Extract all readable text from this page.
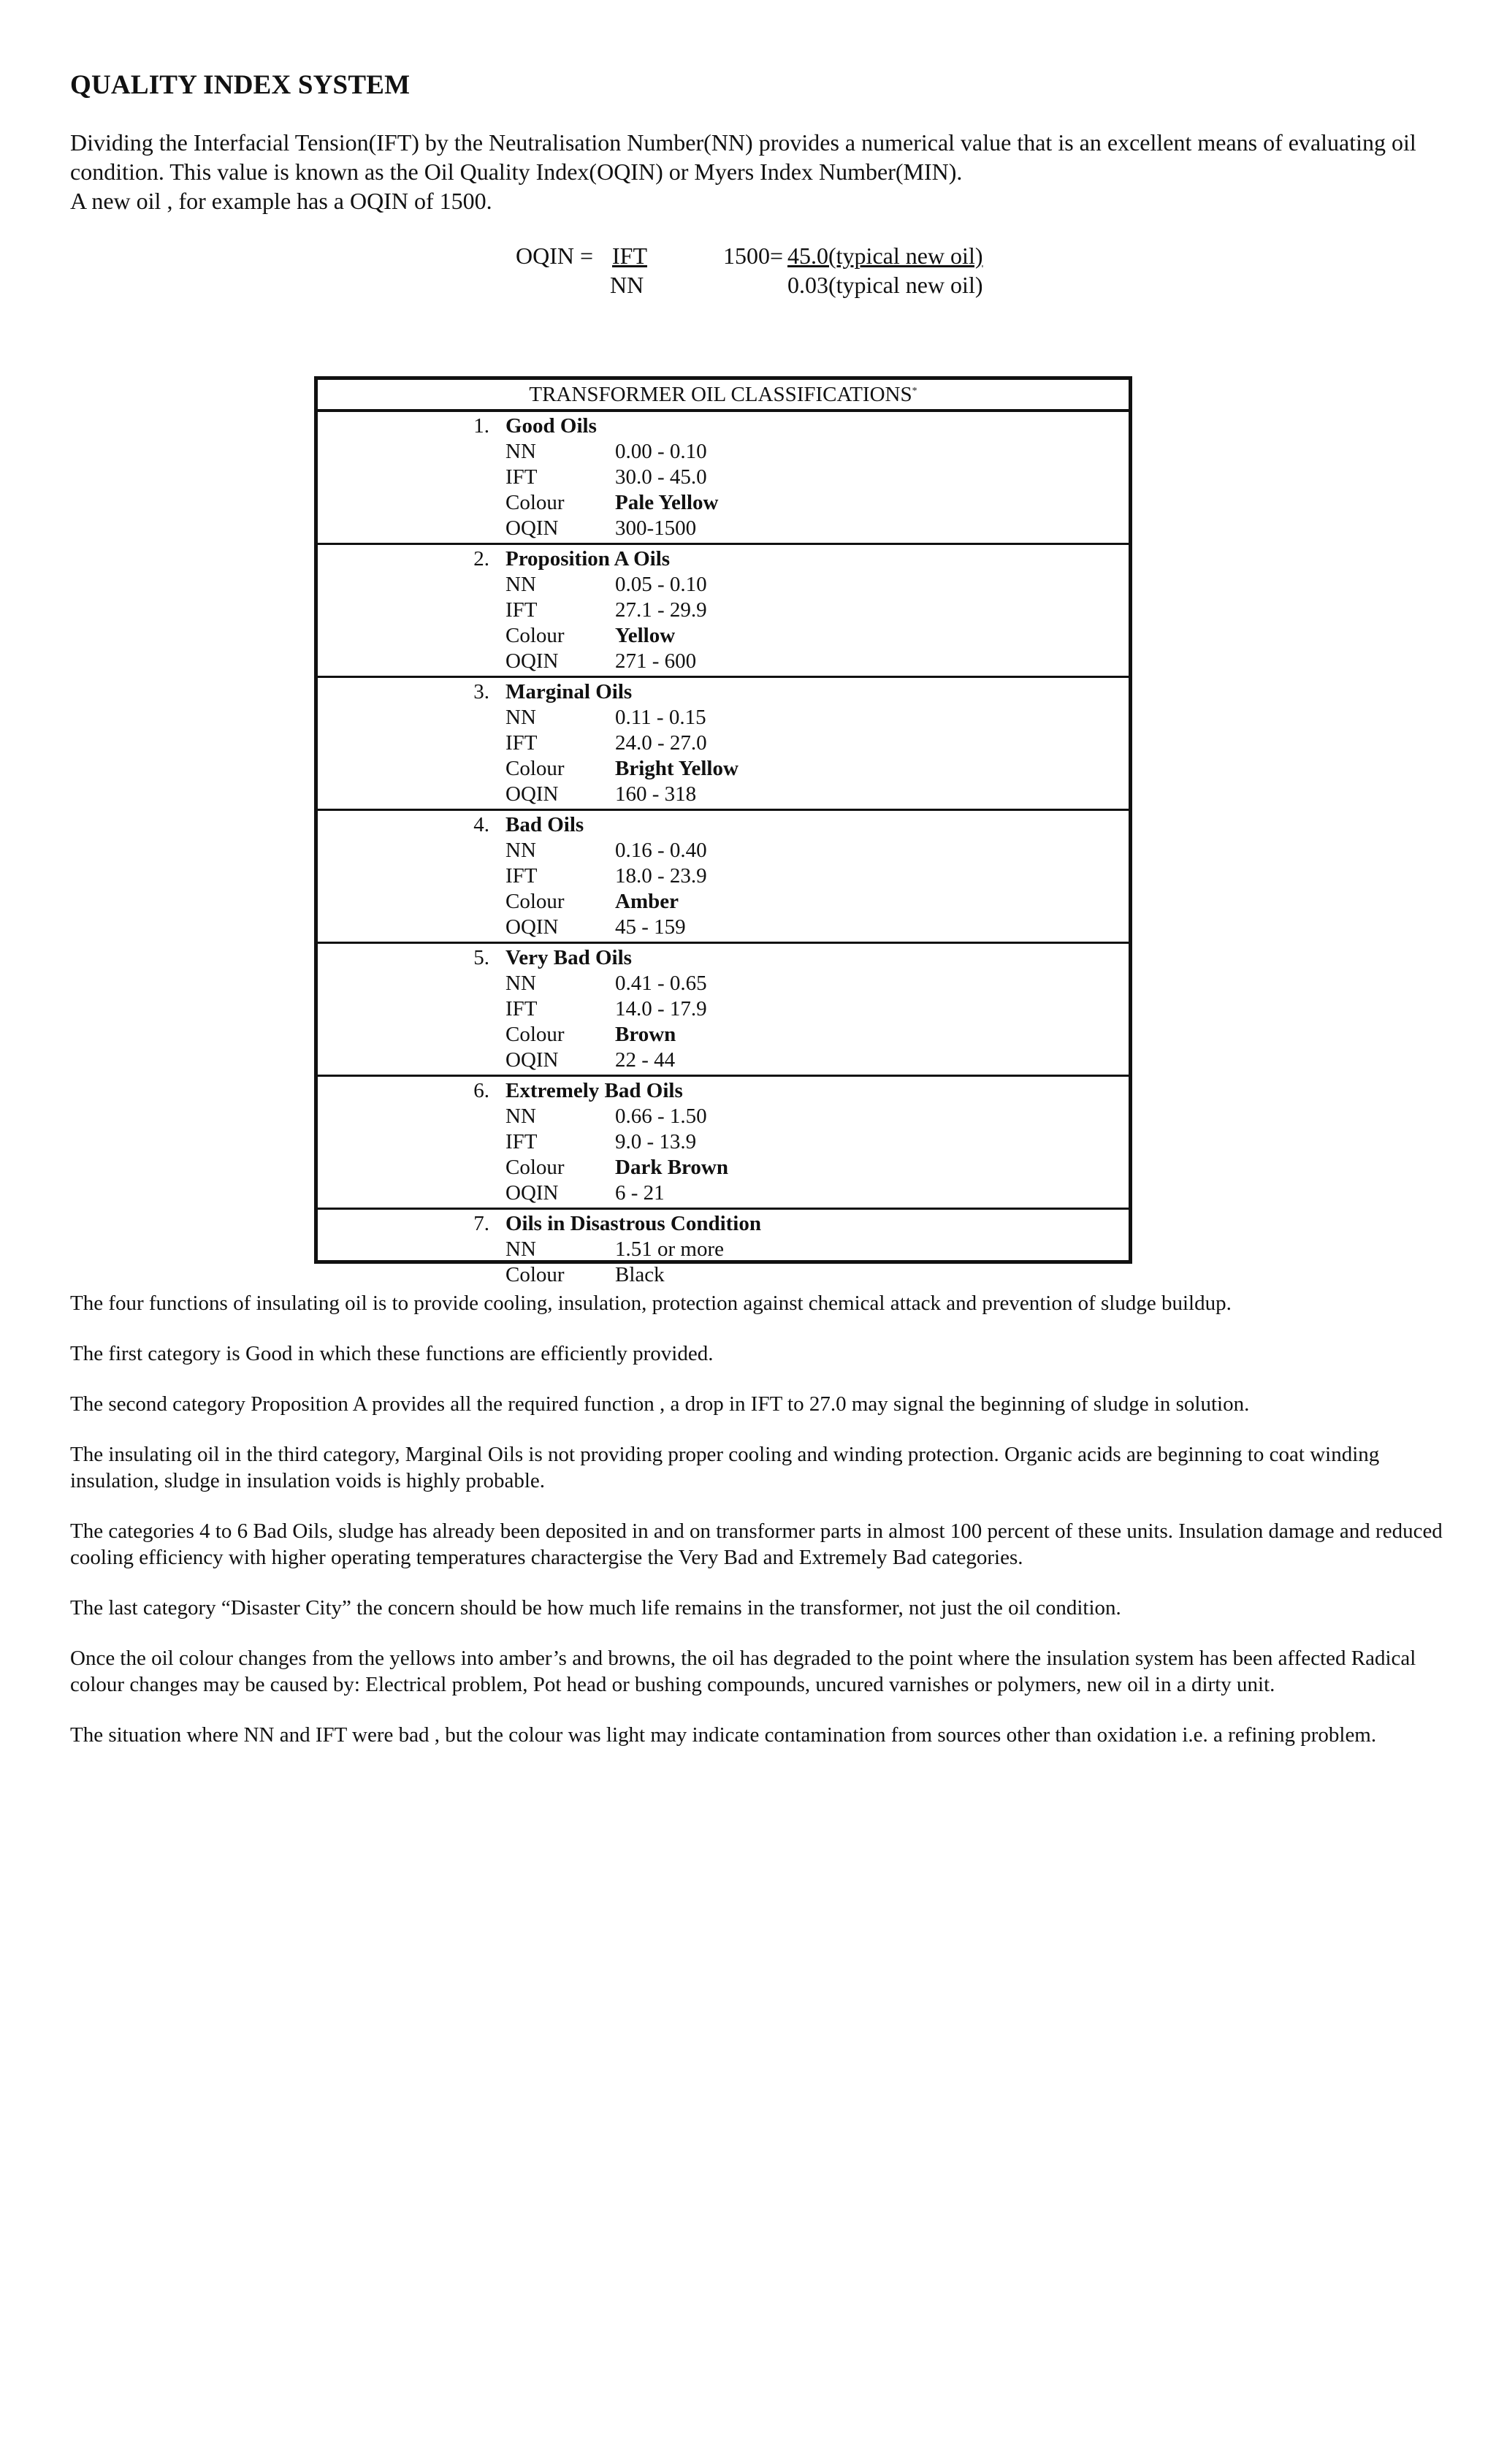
QUALITY INDEX SYSTEM

Dividing the Interfacial Tension(IFT) by the Neutralisation Number(NN) provides a numerical value that is an excellent means of evaluating oil condition. This value is known as the Oil Quality Index(OQIN) or Myers Index Number(MIN).

A new oil , for example has a OQIN of 1500.

OQIN = IFT
NN
1500= 45.0(typical new oil)
0.03(typical new oil)
TRANSFORMER OIL CLASSIFICATIONS*
1. Good Oils
NN	0.00 - 0.10
IFT	30.0 - 45.0
Colour Pale Yellow
OQIN	300-1500
2. Proposition A Oils
NN	0.05 - 0.10
IFT	27.1 - 29.9
Colour Yellow
OQIN	271 - 600
3. Marginal Oils
NN	0.11 - 0.15
IFT	24.0 - 27.0
Colour Bright Yellow
OQIN	160 - 318
4. Bad Oils
NN	0.16 - 0.40
IFT	18.0 - 23.9
Colour Amber
OQIN	45 - 159
5. Very Bad Oils
NN	0.41 - 0.65
IFT	14.0 - 17.9
Colour Brown
OQIN	22 - 44
6. Extremely Bad Oils
NN	0.66 - 1.50
IFT	9.0 - 13.9
Colour Dark Brown
OQIN	6 - 21
7. Oils in Disastrous Condition
NN	1.51 or more
Colour Black

The four functions of insulating oil is to provide cooling, insulation, protection against chemical attack and prevention of sludge buildup.

The first category is Good in which these functions are efficiently provided.

The second category Proposition A provides all the required function , a drop in IFT to 27.0 may signal the beginning of sludge in solution.

The insulating oil in the third category, Marginal Oils is not providing proper cooling and winding protection. Organic acids are beginning to coat winding insulation, sludge in insulation voids is highly probable.

The categories 4 to 6 Bad Oils, sludge has already been deposited in and on transformer parts in almost 100 percent of these units. Insulation damage and reduced cooling efficiency with higher operating temperatures charactergise the Very Bad and Extremely Bad categories.

The last category “Disaster City” the concern should be how much life remains in the transformer, not just the oil condition.

Once the oil colour changes from the yellows into amber’s and browns, the oil has degraded to the point where the insulation system has been affected Radical colour changes may be caused by: Electrical problem, Pot head or bushing compounds, uncured varnishes or polymers, new oil in a dirty unit.

The situation where NN and IFT were bad , but the colour was light may indicate contamination from sources other than oxidation i.e. a refining problem.
